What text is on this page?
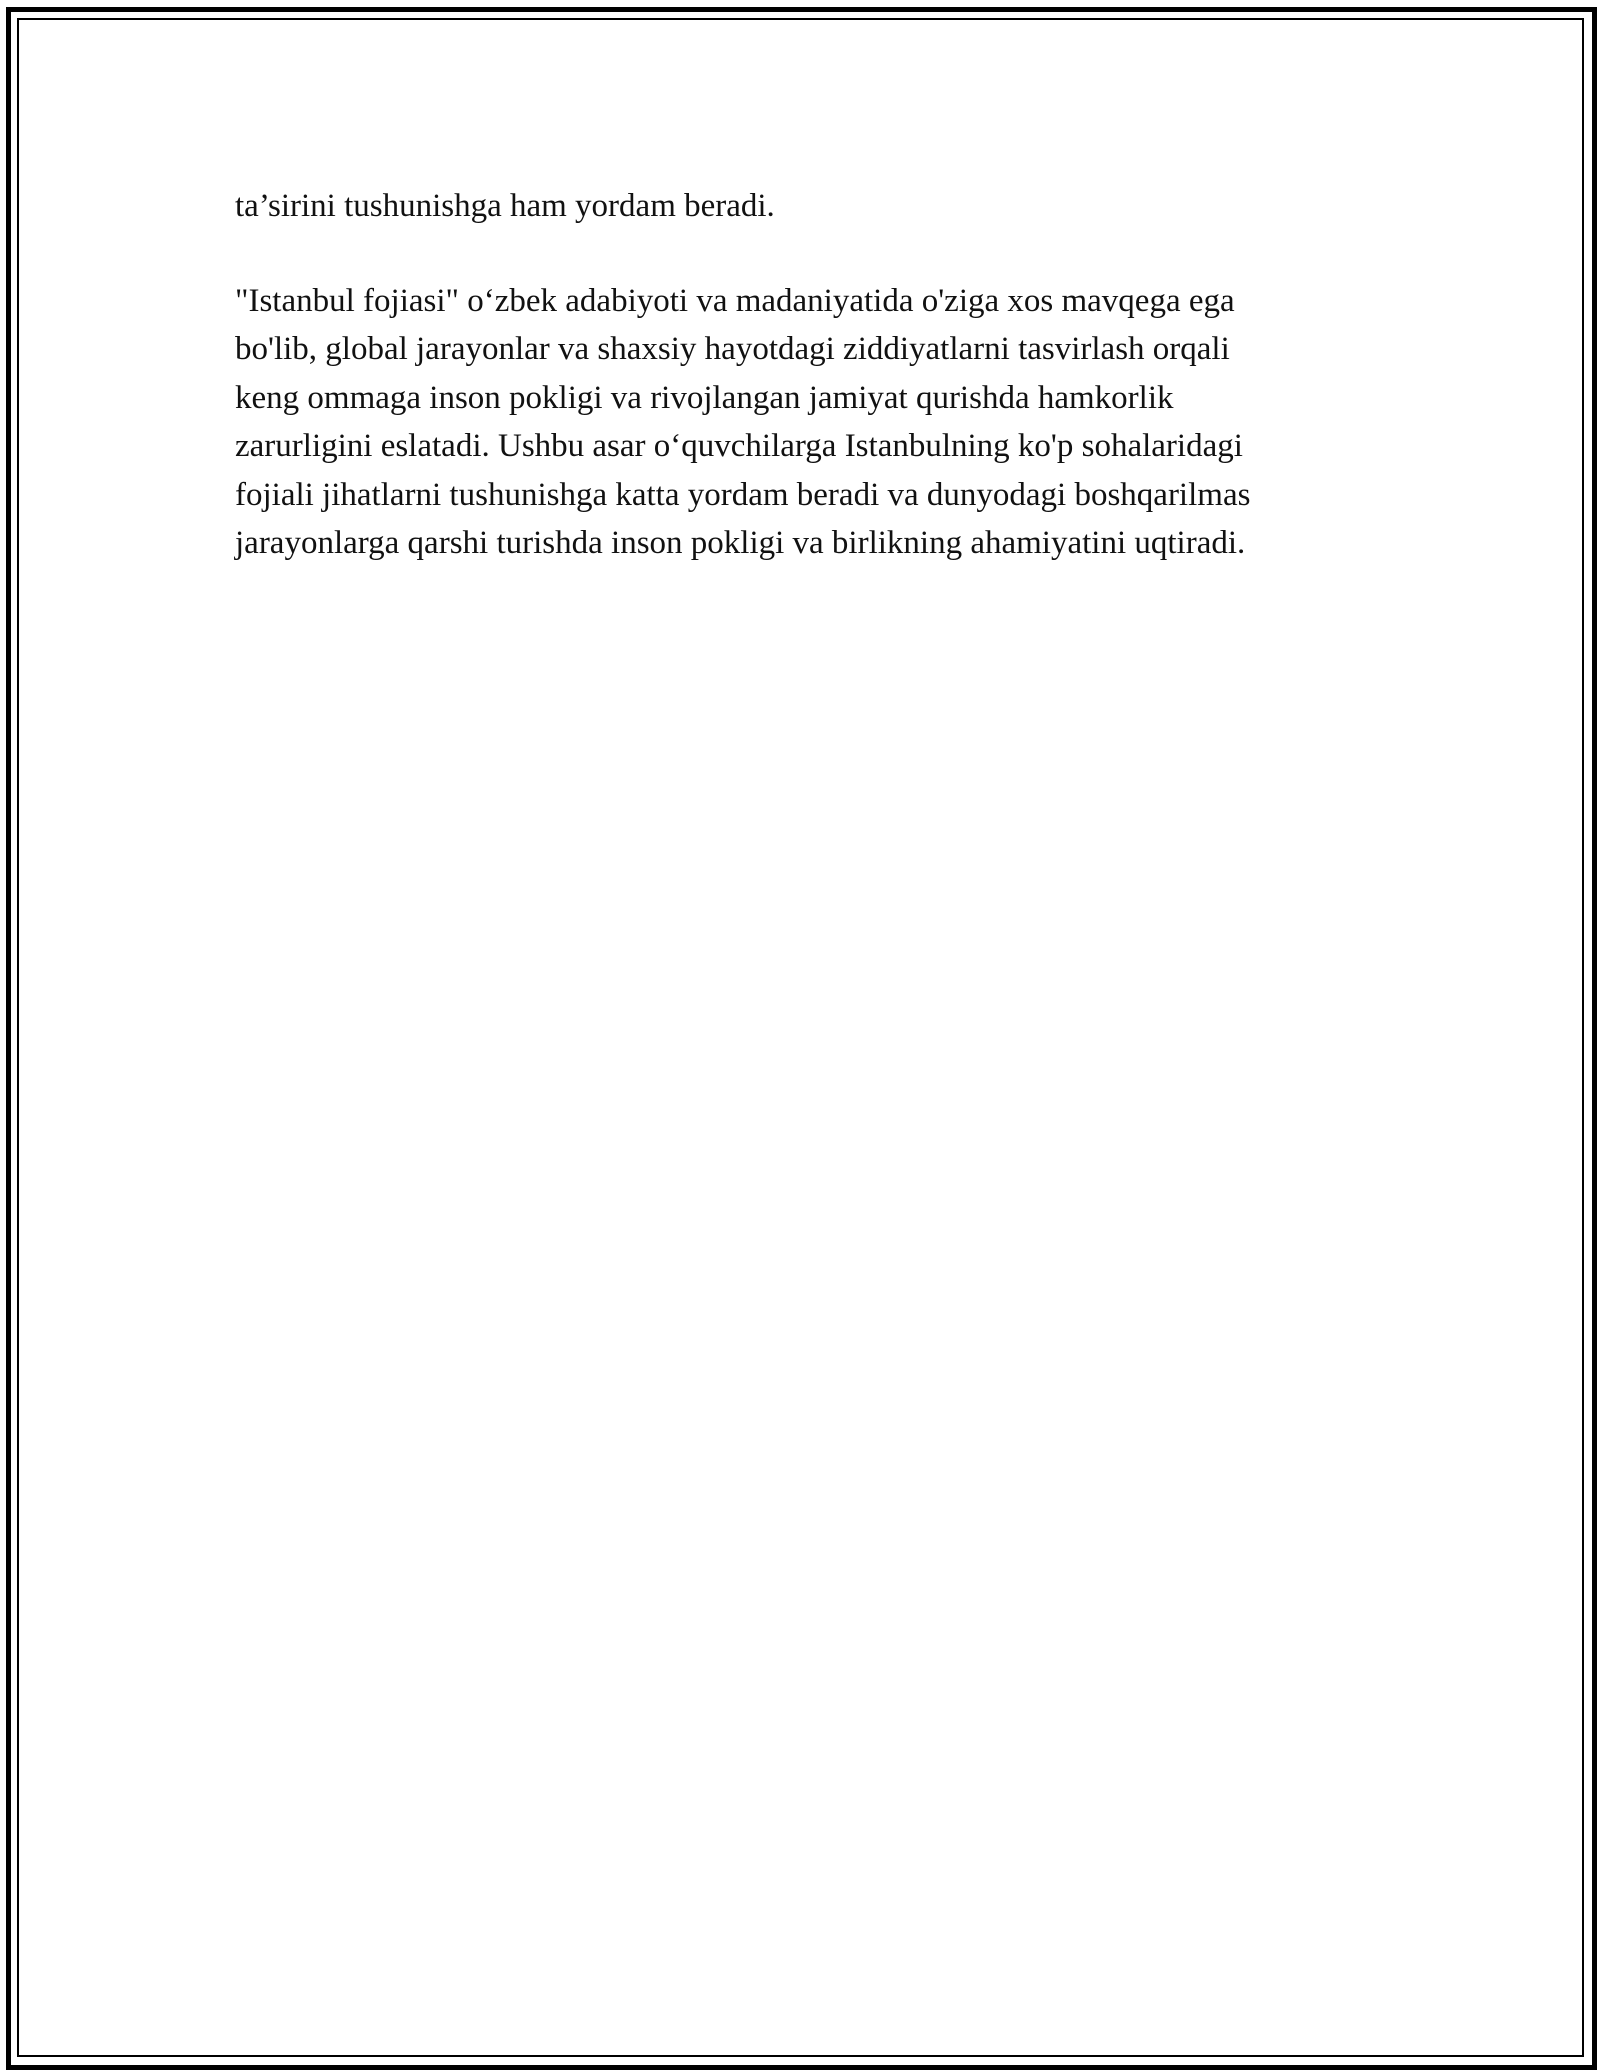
ta’sirini tushunishga ham yordam beradi.

"Istanbul fojiasi" o‘zbek adabiyoti va madaniyatida o'ziga xos mavqega ega
bo'lib, global jarayonlar va shaxsiy hayotdagi ziddiyatlarni tasvirlash orqali
keng ommaga inson pokligi va rivojlangan jamiyat qurishda hamkorlik
zarurligini eslatadi. Ushbu asar o‘quvchilarga Istanbulning ko'p sohalaridagi
fojiali jihatlarni tushunishga katta yordam beradi va dunyodagi boshqarilmas
jarayonlarga qarshi turishda inson pokligi va birlikning ahamiyatini uqtiradi.
